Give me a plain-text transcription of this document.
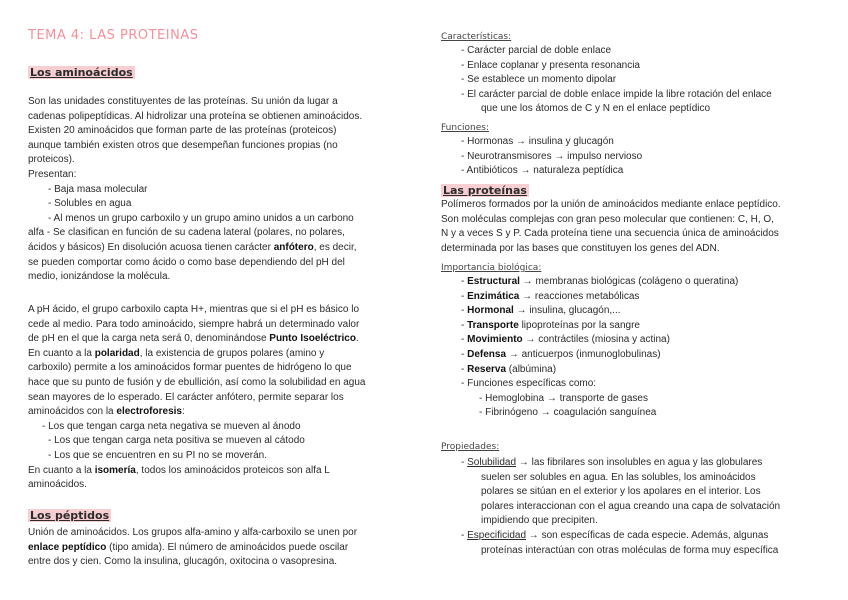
TEMA 4: LAS PROTEINAS
Los aminoácidos

Son las unidades constituyentes de las proteínas. Su unión da lugar a

cadenas polipeptídicas. Al hidrolizar una proteína se obtienen aminoácidos.

Existen 20 aminoácidos que forman parte de las proteínas (proteicos)

aunque también existen otros que desempeñan funciones propias (no

proteicos).

Presentan:

- Baja masa molecular

- Solubles en agua

- Al menos un grupo carboxilo y un grupo amino unidos a un carbono

alfa - Se clasifican en función de su cadena lateral (polares, no polares,

ácidos y básicos) En disolución acuosa tienen carácter anfótero, es decir,

se pueden comportar como ácido o como base dependiendo del pH del

medio, ionizándose la molécula.

A pH ácido, el grupo carboxilo capta H+, mientras que si el pH es básico lo

cede al medio. Para todo aminoácido, siempre habrá un determinado valor

de pH en el que la carga neta será 0, denominándose Punto Isoeléctrico.

En cuanto a la polaridad, la existencia de grupos polares (amino y

carboxilo) permite a los aminoácidos formar puentes de hidrógeno lo que

hace que su punto de fusión y de ebullición, así como la solubilidad en agua

sean mayores de lo esperado. El carácter anfótero, permite separar los

aminoácidos con la electroforesis:

- Los que tengan carga neta negativa se mueven al ánodo

- Los que tengan carga neta positiva se mueven al cátodo

- Los que se encuentren en su PI no se moverán.

En cuanto a la isomería, todos los aminoácidos proteicos son alfa L

aminoácidos.

Los péptidos

Unión de aminoácidos. Los grupos alfa-amino y alfa-carboxilo se unen por

enlace peptídico (tipo amida). El número de aminoácidos puede oscilar

entre dos y cien. Como la insulina, glucagón, oxitocina o vasopresina.

Características:

- Carácter parcial de doble enlace

- Enlace coplanar y presenta resonancia

- Se establece un momento dipolar

- El carácter parcial de doble enlace impide la libre rotación del enlace

que une los átomos de C y N en el enlace peptídico

Funciones:

- Hormonas → insulina y glucagón

- Neurotransmisores → impulso nervioso

- Antibióticos → naturaleza peptídica

Las proteínas

Polímeros formados por la unión de aminoácidos mediante enlace peptídico.

Son moléculas complejas con gran peso molecular que contienen: C, H, O,

N y a veces S y P. Cada proteína tiene una secuencia única de aminoácidos

determinada por las bases que constituyen los genes del ADN.

Importancia biológica:

- Estructural → membranas biológicas (colágeno o queratina)

- Enzimática → reacciones metabólicas

- Hormonal → insulina, glucagón,...

- Transporte lipoproteínas por la sangre

- Movimiento → contráctiles (miosina y actina)

- Defensa → anticuerpos (inmunoglobulinas)

- Reserva (albúmina)

- Funciones específicas como:

- Hemoglobina → transporte de gases

- Fibrinógeno → coagulación sanguínea

Propiedades:

- Solubilidad → las fibrilares son insolubles en agua y las globulares

suelen ser solubles en agua. En las solubles, los aminoácidos

polares se sitúan en el exterior y los apolares en el interior. Los

polares interaccionan con el agua creando una capa de solvatación

impidiendo que precipiten.

- Especificidad → son específicas de cada especie. Además, algunas

proteínas interactúan con otras moléculas de forma muy específica
